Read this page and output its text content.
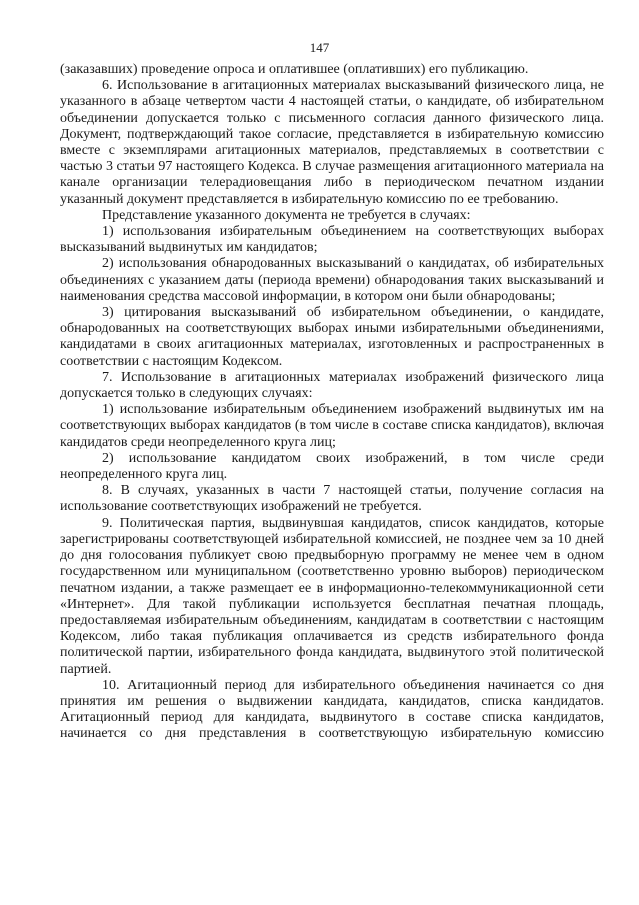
147

(заказавших) проведение опроса и оплатившее (оплативших) его публикацию.

6. Использование в агитационных материалах высказываний физического лица, не указанного в абзаце четвертом части 4 настоящей статьи, о кандидате, об избирательном объединении допускается только с письменного согласия данного физического лица. Документ, подтверждающий такое согласие, представляется в избирательную комиссию вместе с экземплярами агитационных материалов, представляемых в соответствии с частью 3 статьи 97 настоящего Кодекса. В случае размещения агитационного материала на канале организации телерадиовещания либо в периодическом печатном издании указанный документ представляется в избирательную комиссию по ее требованию.

Представление указанного документа не требуется в случаях:

1) использования избирательным объединением на соответствующих выборах высказываний выдвинутых им кандидатов;

2) использования обнародованных высказываний о кандидатах, об избирательных объединениях с указанием даты (периода времени) обнародования таких высказываний и наименования средства массовой информации, в котором они были обнародованы;

3) цитирования высказываний об избирательном объединении, о кандидате, обнародованных на соответствующих выборах иными избирательными объединениями, кандидатами в своих агитационных материалах, изготовленных и распространенных в соответствии с настоящим Кодексом.

7. Использование в агитационных материалах изображений физического лица допускается только в следующих случаях:

1) использование избирательным объединением изображений выдвинутых им на соответствующих выборах кандидатов (в том числе в составе списка кандидатов), включая кандидатов среди неопределенного круга лиц;

2) использование кандидатом своих изображений, в том числе среди неопределенного круга лиц.

8. В случаях, указанных в части 7 настоящей статьи, получение согласия на использование соответствующих изображений не требуется.

9. Политическая партия, выдвинувшая кандидатов, список кандидатов, которые зарегистрированы соответствующей избирательной комиссией, не позднее чем за 10 дней до дня голосования публикует свою предвыборную программу не менее чем в одном государственном или муниципальном (соответственно уровню выборов) периодическом печатном издании, а также размещает ее в информационно-телекоммуникационной сети «Интернет». Для такой публикации используется бесплатная печатная площадь, предоставляемая избирательным объединениям, кандидатам в соответствии с настоящим Кодексом, либо такая публикация оплачивается из средств избирательного фонда политической партии, избирательного фонда кандидата, выдвинутого этой политической партией.

10. Агитационный период для избирательного объединения начинается со дня принятия им решения о выдвижении кандидата, кандидатов, списка кандидатов. Агитационный период для кандидата, выдвинутого в составе списка кандидатов, начинается со дня представления в соответствующую избирательную комиссию
